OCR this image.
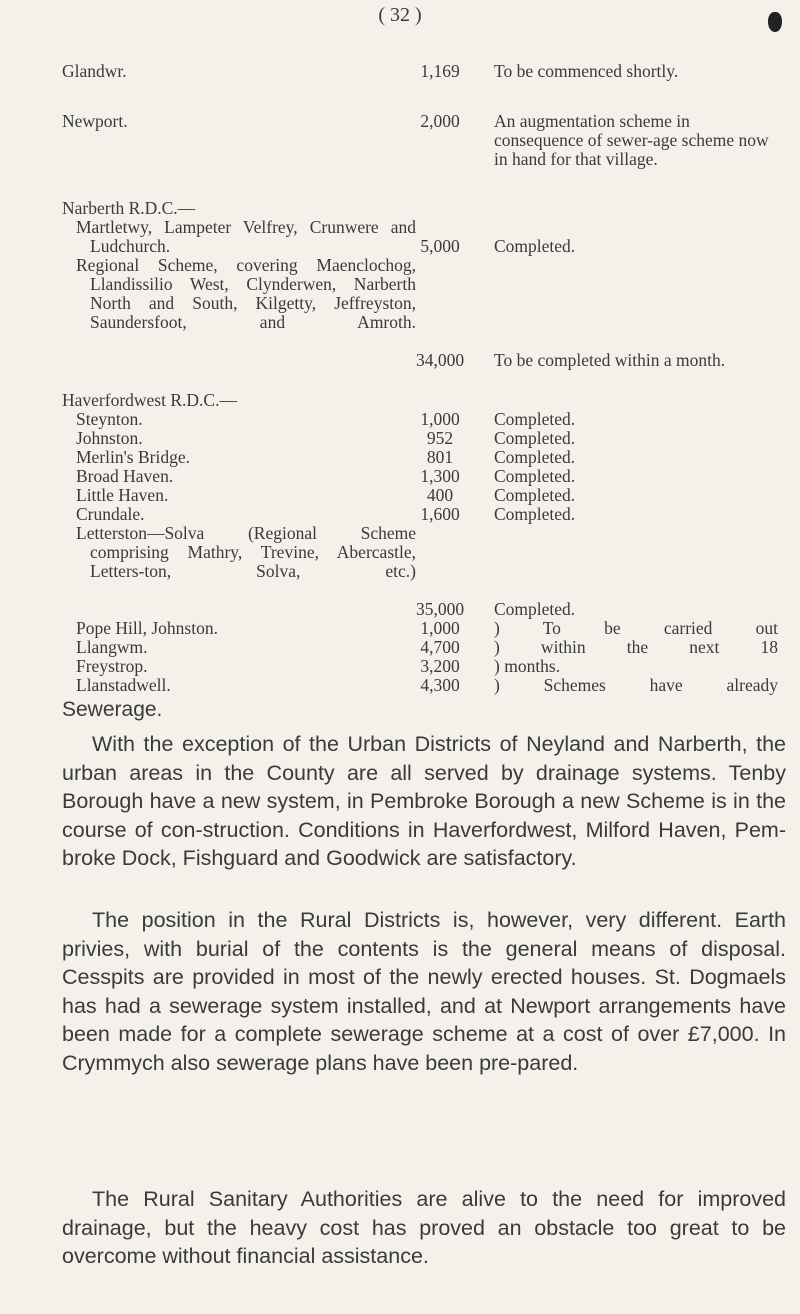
( 32 )
Glandwr.	1,169	To be commenced shortly.
Newport.	2,000	An augmentation scheme in consequence of sewer-age scheme now in hand for that village.
Narberth R.D.C.—
Martletwy, Lampeter Velfrey, Crunwere and Ludchurch.	5,000	Completed.
Regional Scheme, covering Maenclochog, Llandissilio West, Clynderwen, Narberth North and South, Kilgetty, Jeffreyston, Saundersfoot, and Amroth.
34,000	To be completed within a month.
Haverfordwest R.D.C.—
Steynton.	1,000	Completed.
Johnston.	952	Completed.
Merlin's Bridge.	801	Completed.
Broad Haven.	1,300	Completed.
Little Haven.	400	Completed.
Crundale.	1,600	Completed.
Letterston—Solva (Regional Scheme comprising Mathry, Trevine, Abercastle, Letters-ton, Solva, etc.)
35,000	Completed.
Pope Hill, Johnston.	1,000	) To be carried out
Llangwm.	4,700	) within the next 18
Freystrop.	3,200	) months.
Llanstadwell.	4,300	) Schemes have already
Sewerage.
With the exception of the Urban Districts of Neyland and Narberth, the urban areas in the County are all served by drainage systems. Tenby Borough have a new system, in Pembroke Borough a new Scheme is in the course of con-struction. Conditions in Haverfordwest, Milford Haven, Pem-broke Dock, Fishguard and Goodwick are satisfactory.
The position in the Rural Districts is, however, very different. Earth privies, with burial of the contents is the general means of disposal. Cesspits are provided in most of the newly erected houses. St. Dogmaels has had a sewerage system installed, and at Newport arrangements have been made for a complete sewerage scheme at a cost of over £7,000. In Crymmych also sewerage plans have been pre-pared.
The Rural Sanitary Authorities are alive to the need for improved drainage, but the heavy cost has proved an obstacle too great to be overcome without financial assistance.
